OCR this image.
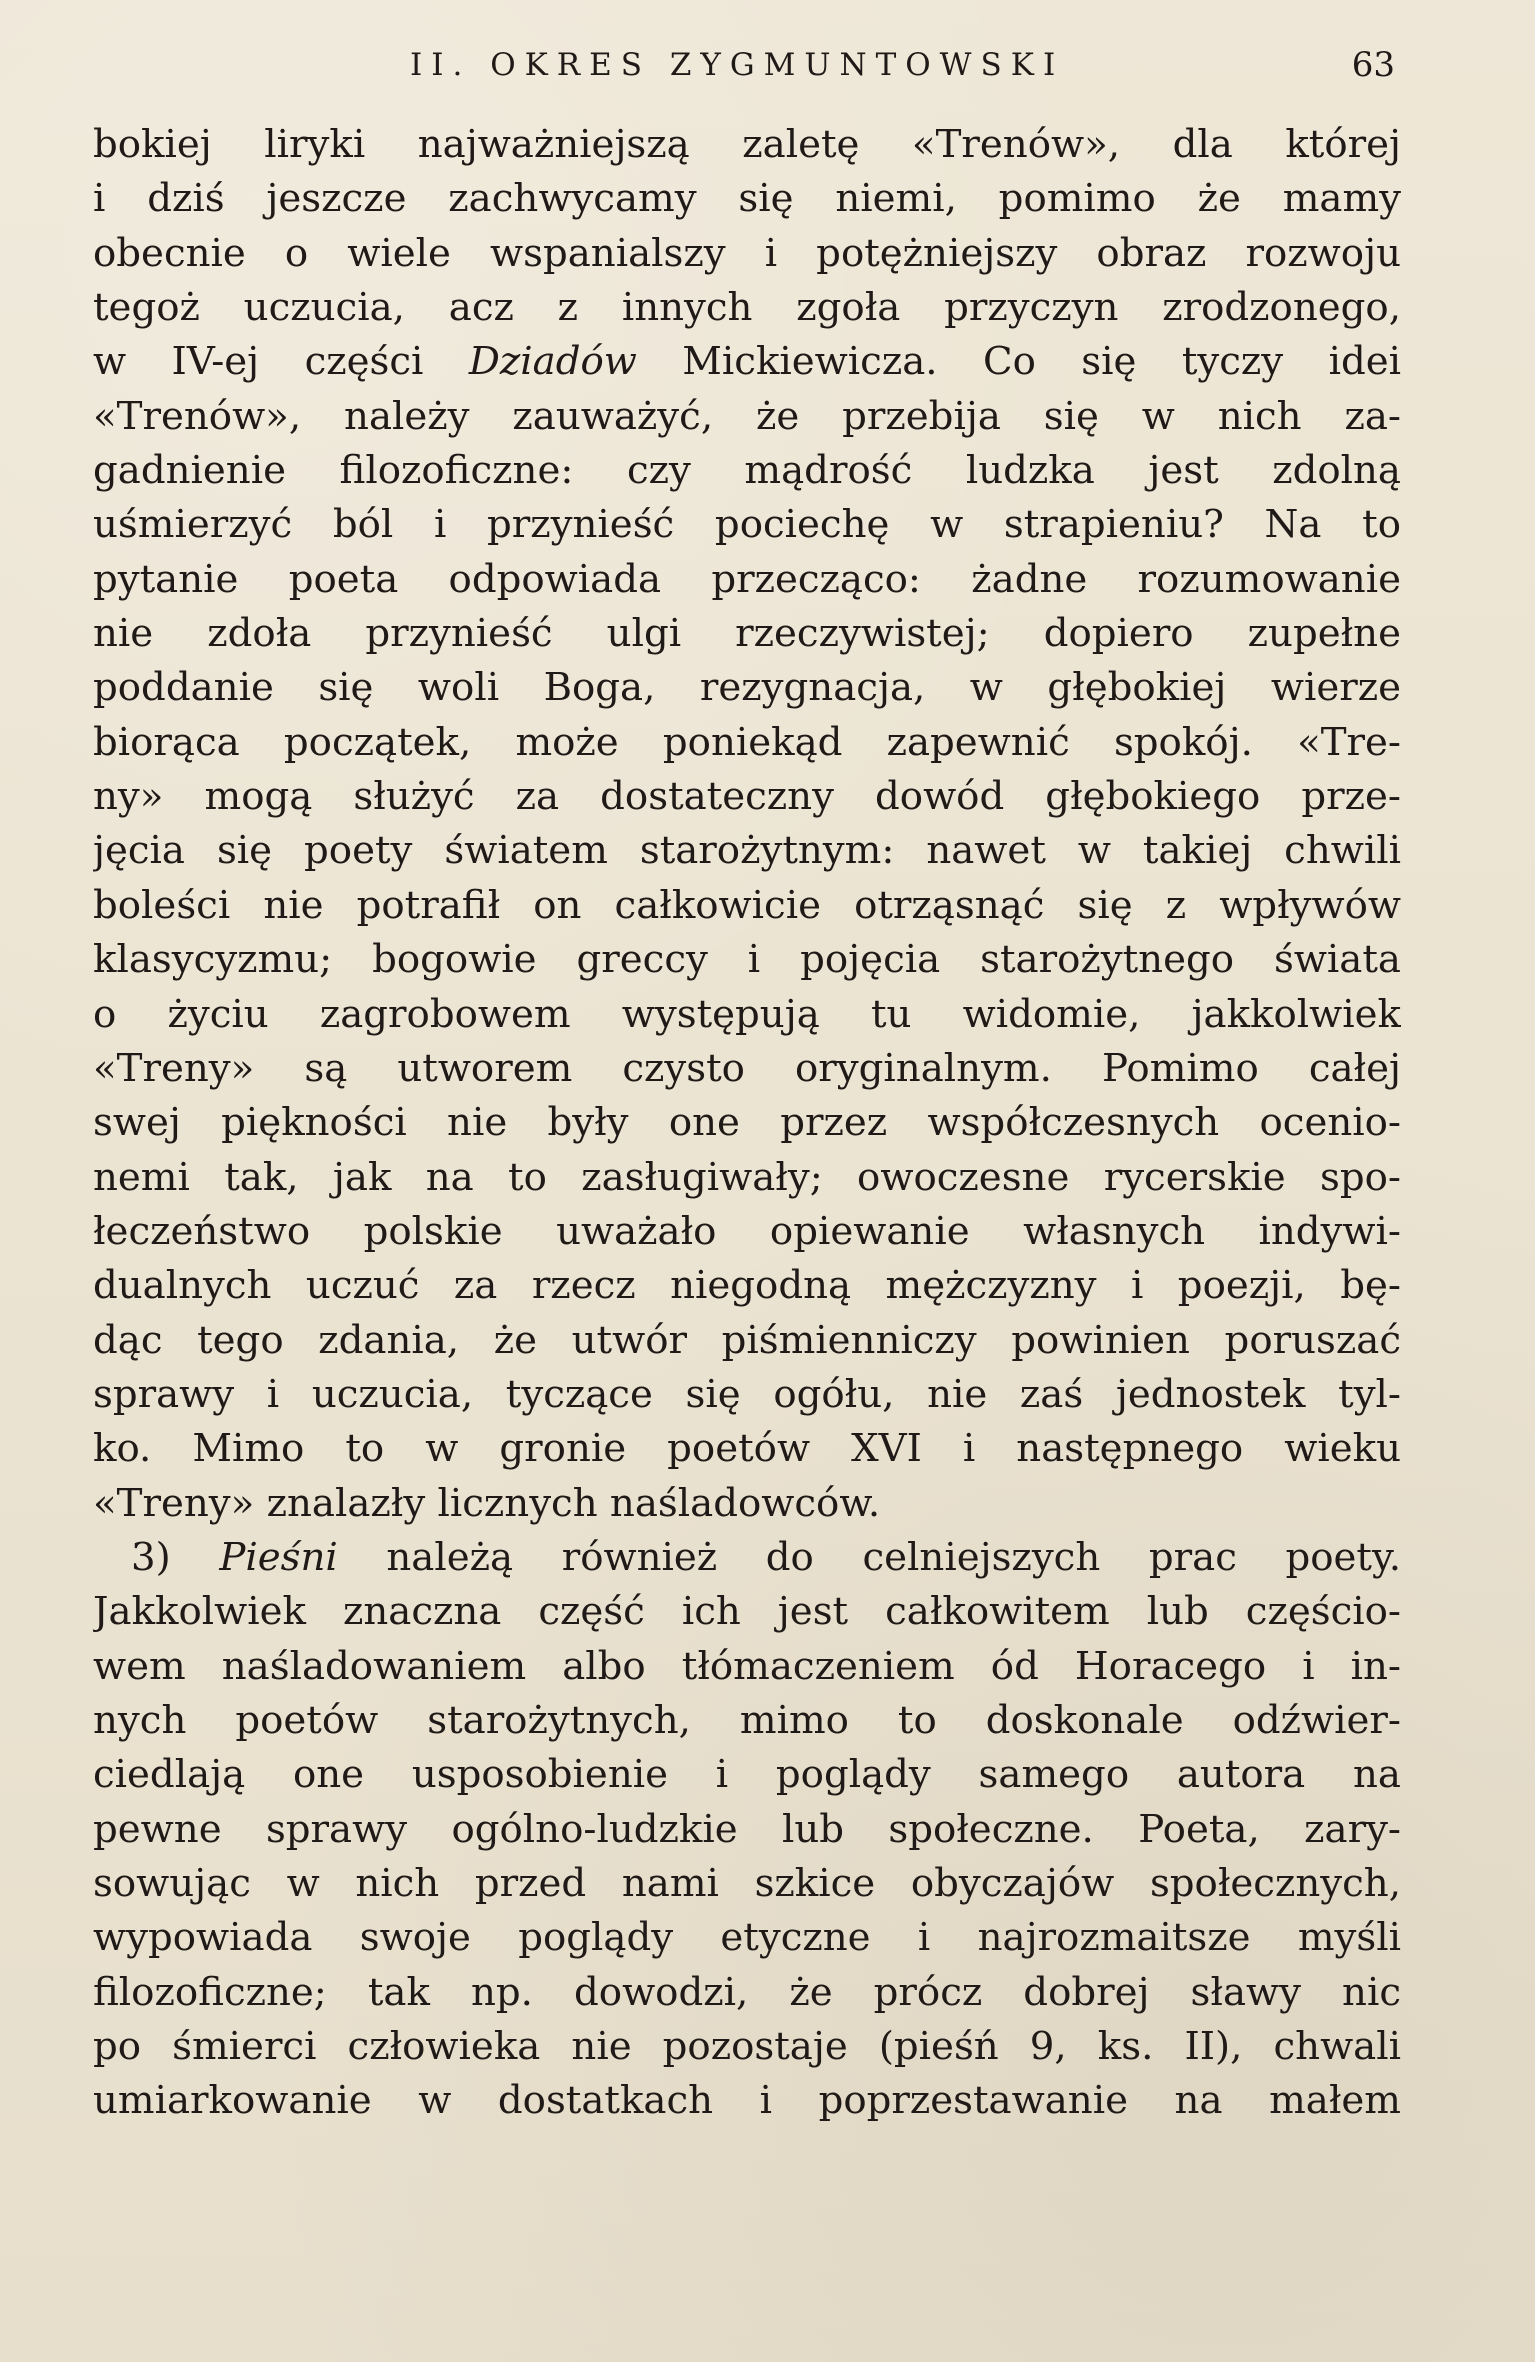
II. OKRES ZYGMUNTOWSKI	63
bokiej liryki najważniejszą zaletę «Trenów», dla której
i dziś jeszcze zachwycamy się niemi, pomimo że mamy
obecnie o wiele wspanialszy i potężniejszy obraz rozwoju
tegoż uczucia, acz z innych zgoła przyczyn zrodzonego,
w IV-ej części Dziadów Mickiewicza. Co się tyczy idei
«Trenów», należy zauważyć, że przebija się w nich za-
gadnienie filozoficzne: czy mądrość ludzka jest zdolną
uśmierzyć ból i przynieść pociechę w strapieniu? Na to
pytanie poeta odpowiada przecząco: żadne rozumowanie
nie zdoła przynieść ulgi rzeczywistej; dopiero zupełne
poddanie się woli Boga, rezygnacja, w głębokiej wierze
biorąca początek, może poniekąd zapewnić spokój. «Tre-
ny» mogą służyć za dostateczny dowód głębokiego prze-
jęcia się poety światem starożytnym: nawet w takiej chwili
boleści nie potrafił on całkowicie otrząsnąć się z wpływów
klasycyzmu; bogowie greccy i pojęcia starożytnego świata
o życiu zagrobowem występują tu widomie, jakkolwiek
«Treny» są utworem czysto oryginalnym. Pomimo całej
swej piękności nie były one przez współczesnych ocenio-
nemi tak, jak na to zasługiwały; owoczesne rycerskie spo-
łeczeństwo polskie uważało opiewanie własnych indywi-
dualnych uczuć za rzecz niegodną mężczyzny i poezji, bę-
dąc tego zdania, że utwór piśmienniczy powinien poruszać
sprawy i uczucia, tyczące się ogółu, nie zaś jednostek tyl-
ko. Mimo to w gronie poetów XVI i następnego wieku
«Treny» znalazły licznych naśladowców.
3) Pieśni należą również do celniejszych prac poety.
Jakkolwiek znaczna część ich jest całkowitem lub częścio-
wem naśladowaniem albo tłómaczeniem ód Horacego i in-
nych poetów starożytnych, mimo to doskonale odźwier-
ciedlają one usposobienie i poglądy samego autora na
pewne sprawy ogólno-ludzkie lub społeczne. Poeta, zary-
sowując w nich przed nami szkice obyczajów społecznych,
wypowiada swoje poglądy etyczne i najrozmaitsze myśli
filozoficzne; tak np. dowodzi, że prócz dobrej sławy nic
po śmierci człowieka nie pozostaje (pieśń 9, ks. II), chwali
umiarkowanie w dostatkach i poprzestawanie na małem
